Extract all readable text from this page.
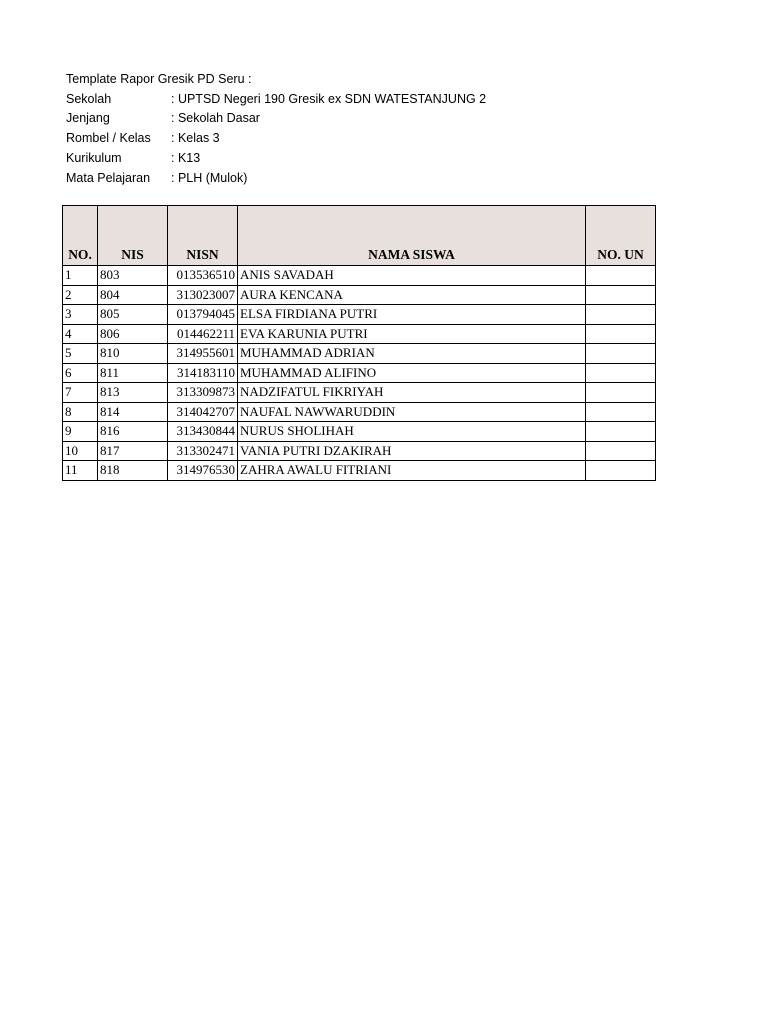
Template Rapor Gresik PD Seru :
Sekolah	: UPTSD Negeri 190 Gresik ex SDN WATESTANJUNG 2
Jenjang	: Sekolah Dasar
Rombel / Kelas	: Kelas 3
Kurikulum	: K13
Mata Pelajaran	: PLH (Mulok)
NO.	NIS	NISN	NAMA SISWA	NO. UN
1	803	013536510	ANIS SAVADAH	
2	804	313023007	AURA KENCANA	
3	805	013794045	ELSA FIRDIANA PUTRI	
4	806	014462211	EVA KARUNIA PUTRI	
5	810	314955601	MUHAMMAD ADRIAN	
6	811	314183110	MUHAMMAD ALIFINO	
7	813	313309873	NADZIFATUL FIKRIYAH	
8	814	314042707	NAUFAL NAWWARUDDIN	
9	816	313430844	NURUS SHOLIHAH	
10	817	313302471	VANIA PUTRI DZAKIRAH	
11	818	314976530	ZAHRA AWALU FITRIANI	
